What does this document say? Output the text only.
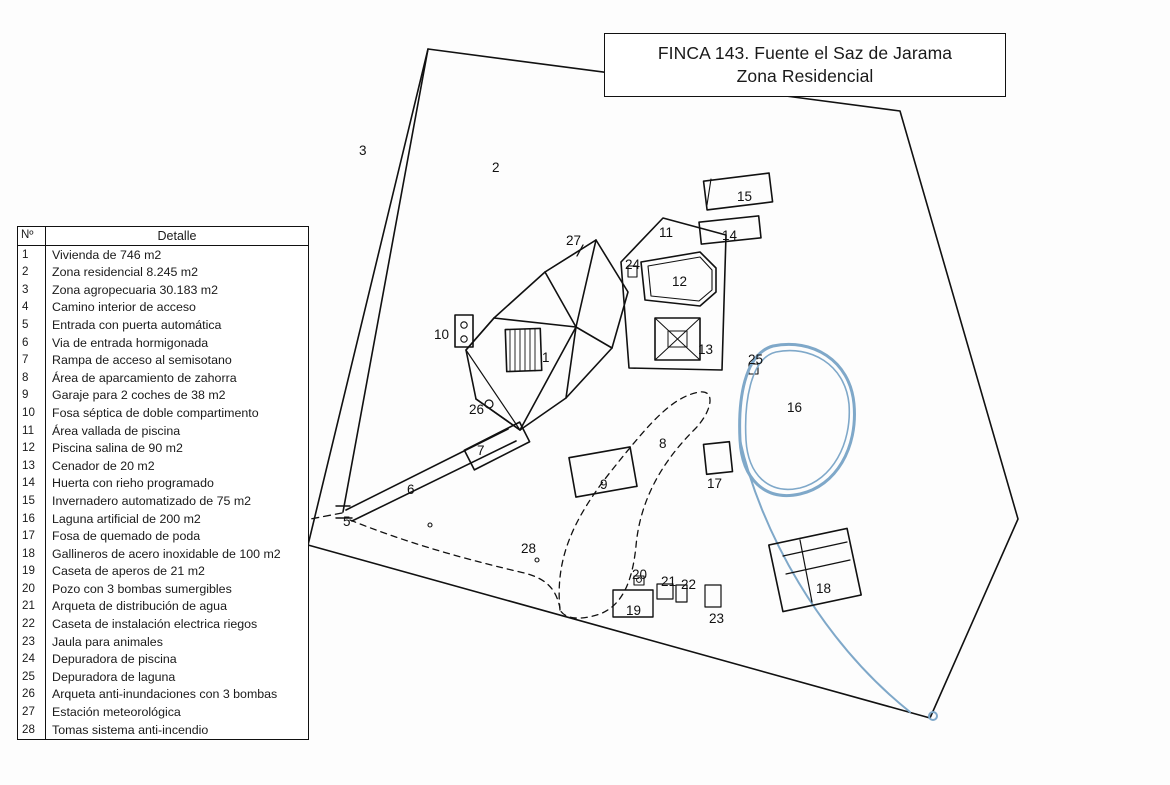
3
2
15
11	14
27
24
12
10
13
1	25
16
26
8
7
17
9
6
5
28
18
20 21 22
19
23
FINCA 143. Fuente el Saz de Jarama
Zona Residencial
Nº	Detalle
1	Vivienda de 746 m2
2	Zona residencial 8.245 m2
3	Zona agropecuaria 30.183 m2
4	Camino interior de acceso
5	Entrada con puerta automática
6	Via de entrada hormigonada
7	Rampa de acceso al semisotano
8	Área de aparcamiento de zahorra
9	Garaje para 2 coches de 38 m2
10	Fosa séptica de doble compartimento
11	Área vallada de piscina
12	Piscina salina de 90 m2
13	Cenador de 20 m2
14	Huerta con rieho programado
15	Invernadero automatizado de 75 m2
16	Laguna artificial de 200 m2
17	Fosa de quemado de poda
18	Gallineros de acero inoxidable de 100 m2
19	Caseta de aperos de 21 m2
20	Pozo con 3 bombas sumergibles
21	Arqueta de distribución de agua
22	Caseta de instalación electrica riegos
23	Jaula para animales
24	Depuradora de piscina
25	Depuradora de laguna
26	Arqueta anti-inundaciones con 3 bombas
27	Estación meteorológica
28	Tomas sistema anti-incendio
